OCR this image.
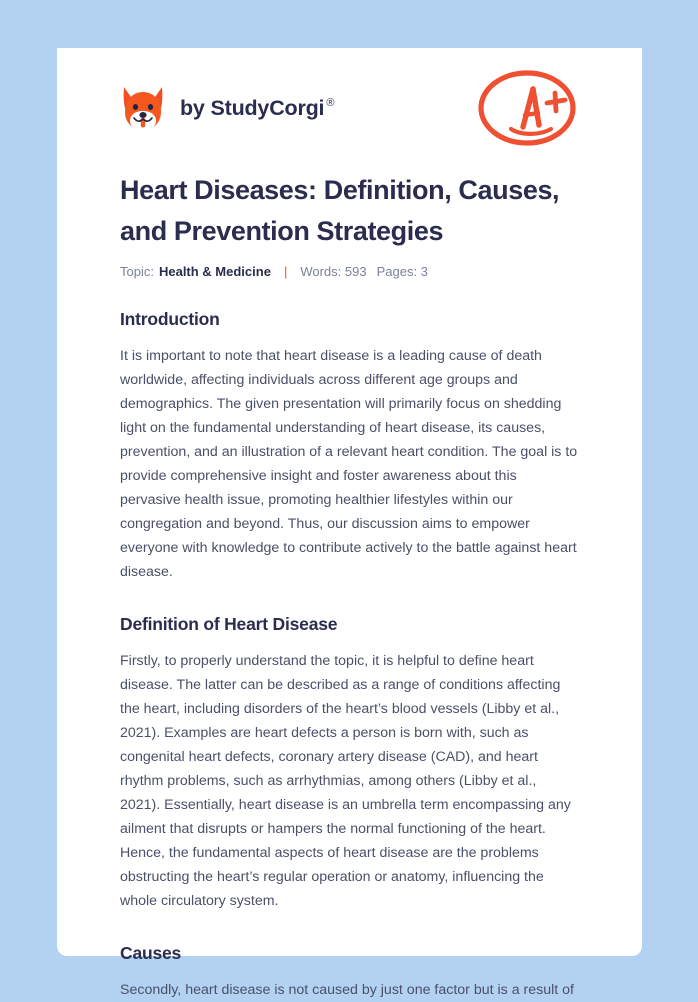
by StudyCorgi ®
Heart Diseases: Definition, Causes, and Prevention Strategies
Topic: Health & Medicine | Words: 593 Pages: 3
Introduction

It is important to note that heart disease is a leading cause of death worldwide, affecting individuals across different age groups and demographics. The given presentation will primarily focus on shedding light on the fundamental understanding of heart disease, its causes, prevention, and an illustration of a relevant heart condition. The goal is to provide comprehensive insight and foster awareness about this pervasive health issue, promoting healthier lifestyles within our congregation and beyond. Thus, our discussion aims to empower everyone with knowledge to contribute actively to the battle against heart disease.

Definition of Heart Disease

Firstly, to properly understand the topic, it is helpful to define heart disease. The latter can be described as a range of conditions affecting the heart, including disorders of the heart’s blood vessels (Libby et al., 2021). Examples are heart defects a person is born with, such as congenital heart defects, coronary artery disease (CAD), and heart rhythm problems, such as arrhythmias, among others (Libby et al., 2021). Essentially, heart disease is an umbrella term encompassing any ailment that disrupts or hampers the normal functioning of the heart. Hence, the fundamental aspects of heart disease are the problems obstructing the heart’s regular operation or anatomy, influencing the whole circulatory system.

Causes

Secondly, heart disease is not caused by just one factor but is a result of
